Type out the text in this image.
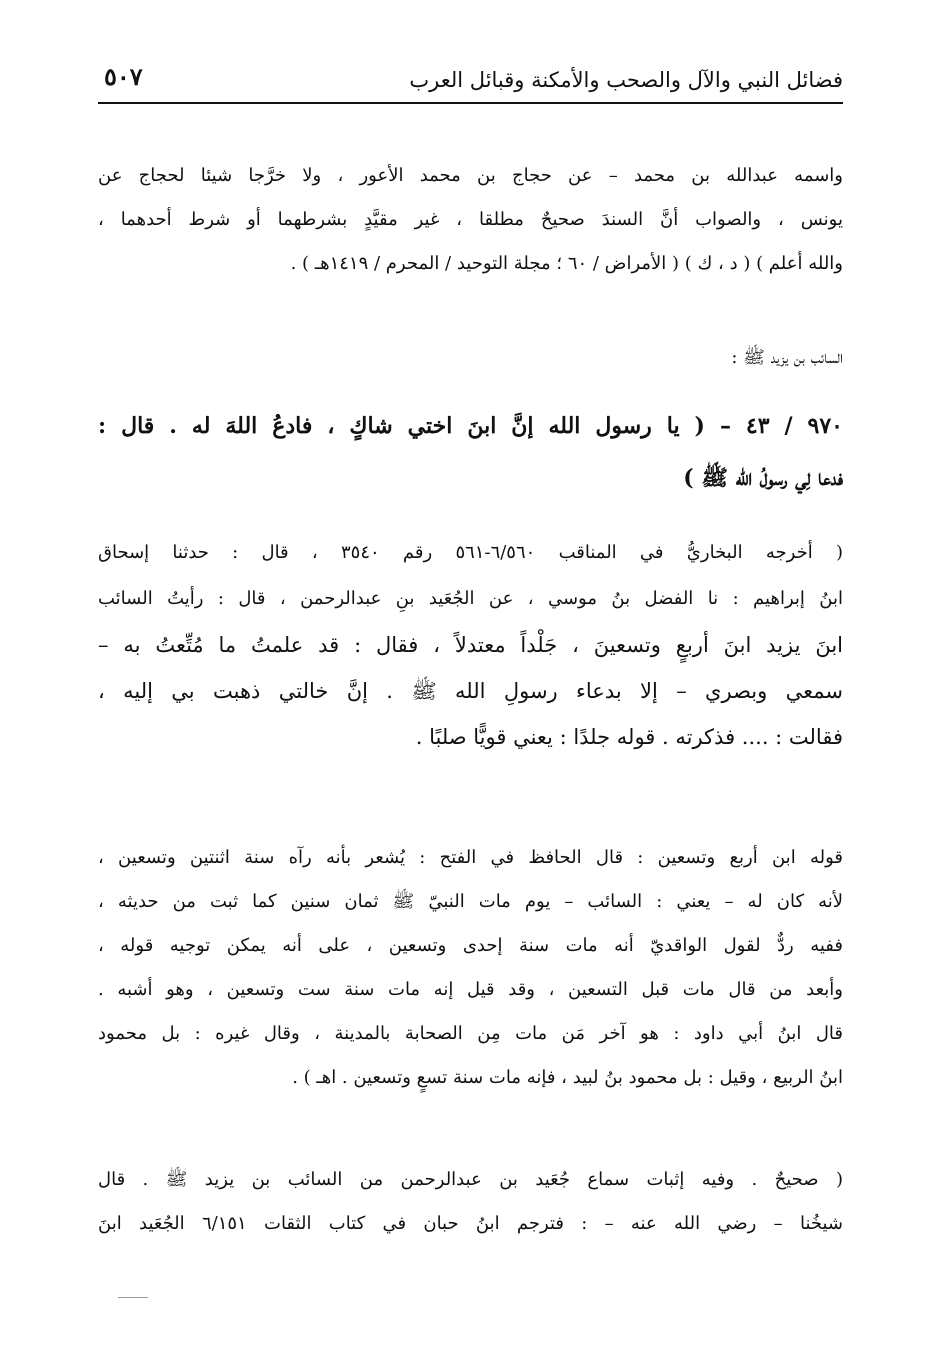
فضائل النبي والآل والصحب والأمكنة وقبائل العرب
٥٠٧
واسمه عبدالله بن محمد – عن حجاج بن محمد الأعور ، ولا خرَّجا شيئا لحجاج عن
يونس ، والصواب أنَّ السندَ صحيحٌ مطلقا ، غير مقيَّدٍ بشرطهما أو شرط أحدهما ،
والله أعلم ) ( د ، ك ) ( الأمراض / ٦٠ ؛ مجلة التوحيد / المحرم / ١٤١٩هـ ) .
السائب بن يزيد ﷺ :
٩٧٠ / ٤٣ – ( يا رسول الله إنَّ ابنَ اختي شاكٍ ، فادعُ اللهَ له . قال :
فدعا لِي رسولُ الله ﷺ )
( أخرجه البخاريُّ في المناقب ٦/٥٦٠-٥٦١ رقم ٣٥٤٠ ، قال : حدثنا إسحاق
ابنُ إبراهيم : نا الفضل بنُ موسي ، عن الجُعَيد بنِ عبدالرحمن ، قال : رأيتُ السائب
ابنَ يزيد ابنَ أربعٍ وتسعينَ ، جَلْداً معتدلاً ، فقال : قد علمتُ ما مُتِّعتُ به –
سمعي وبصري – إلا بدعاء رسولِ الله ﷺ . إنَّ خالتي ذهبت بي إليه ،
فقالت : .... فذكرته . قوله جلدًا : يعني قويًّا صلبًا .
قوله ابن أربع وتسعين : قال الحافظ في الفتح : يُشعر بأنه رآه سنة اثنتين وتسعين ،
لأنه كان له – يعني : السائب – يوم مات النبيّ ﷺ ثمان سنين كما ثبت من حديثه ،
ففيه ردٌّ لقول الواقديّ أنه مات سنة إحدى وتسعين ، على أنه يمكن توجيه قوله ،
وأبعد من قال مات قبل التسعين ، وقد قيل إنه مات سنة ست وتسعين ، وهو أشبه .
قال ابنُ أبي داود : هو آخر مَن مات مِن الصحابة بالمدينة ، وقال غيره : بل محمود
ابنُ الربيع ، وقيل : بل محمود بنُ لبيد ، فإنه مات سنة تسعٍ وتسعين . اهـ ) .
( صحيحٌ . وفيه إثبات سماع جُعَيد بن عبدالرحمن من السائب بن يزيد ﷺ . قال
شيخُنا – رضي الله عنه – : فترجم ابنُ حبان في كتاب الثقات ٦/١٥١ الجُعَيد ابنَ
